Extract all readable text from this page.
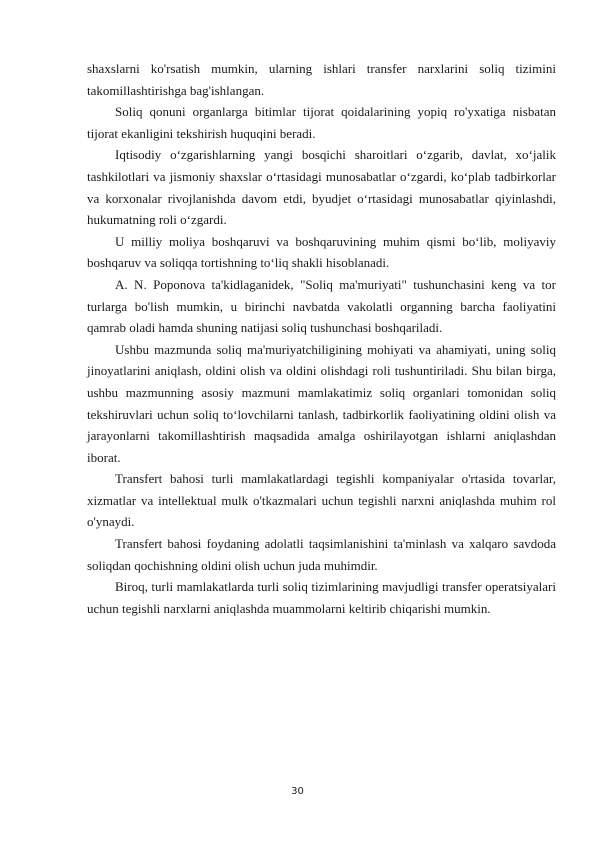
shaxslarni ko'rsatish mumkin, ularning ishlari transfer narxlarini soliq tizimini takomillashtirishga bag'ishlangan.

Soliq qonuni organlarga bitimlar tijorat qoidalarining yopiq ro'yxatiga nisbatan tijorat ekanligini tekshirish huquqini beradi.

Iqtisodiy o‘zgarishlarning yangi bosqichi sharoitlari o‘zgarib, davlat, xo‘jalik tashkilotlari va jismoniy shaxslar o‘rtasidagi munosabatlar o‘zgardi, ko‘plab tadbirkorlar va korxonalar rivojlanishda davom etdi, byudjet o‘rtasidagi munosabatlar qiyinlashdi, hukumatning roli o‘zgardi.

U milliy moliya boshqaruvi va boshqaruvining muhim qismi bo‘lib, moliyaviy boshqaruv va soliqqa tortishning to‘liq shakli hisoblanadi.

A. N. Poponova ta'kidlaganidek, "Soliq ma'muriyati" tushunchasini keng va tor turlarga bo'lish mumkin, u birinchi navbatda vakolatli organning barcha faoliyatini qamrab oladi hamda shuning natijasi soliq tushunchasi boshqariladi.

Ushbu mazmunda soliq ma'muriyatchiligining mohiyati va ahamiyati, uning soliq jinoyatlarini aniqlash, oldini olish va oldini olishdagi roli tushuntiriladi. Shu bilan birga, ushbu mazmunning asosiy mazmuni mamlakatimiz soliq organlari tomonidan soliq tekshiruvlari uchun soliq to‘lovchilarni tanlash, tadbirkorlik faoliyatining oldini olish va jarayonlarni takomillashtirish maqsadida amalga oshirilayotgan ishlarni aniqlashdan iborat.

Transfert bahosi turli mamlakatlardagi tegishli kompaniyalar o'rtasida tovarlar, xizmatlar va intellektual mulk o'tkazmalari uchun tegishli narxni aniqlashda muhim rol o'ynaydi.

Transfert bahosi foydaning adolatli taqsimlanishini ta'minlash va xalqaro savdoda soliqdan qochishning oldini olish uchun juda muhimdir.

Biroq, turli mamlakatlarda turli soliq tizimlarining mavjudligi transfer operatsiyalari uchun tegishli narxlarni aniqlashda muammolarni keltirib chiqarishi mumkin.

30
